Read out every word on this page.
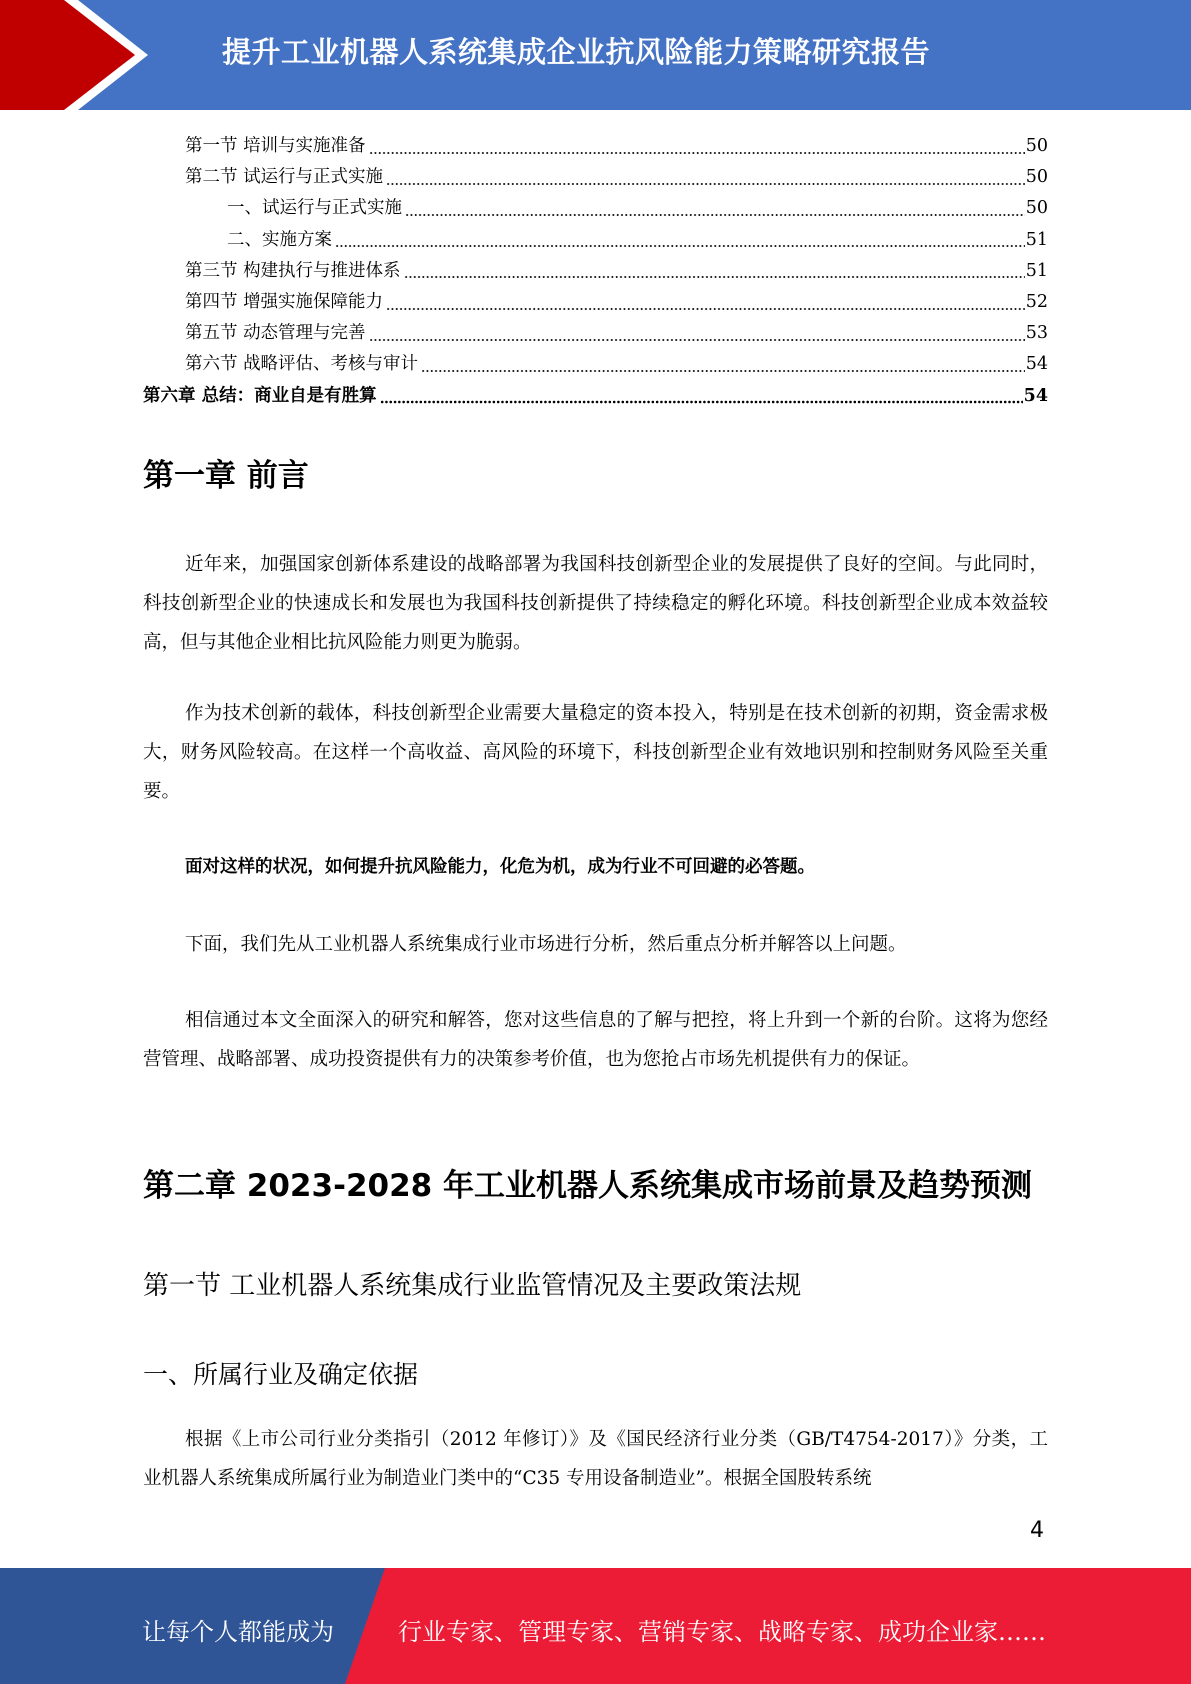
提升工业机器人系统集成企业抗风险能力策略研究报告
第一节 培训与实施准备	50
第二节 试运行与正式实施	50
一、试运行与正式实施	50
二、实施方案	51
第三节 构建执行与推进体系	51
第四节 增强实施保障能力	52
第五节 动态管理与完善	53
第六节 战略评估、考核与审计	54
第六章 总结：商业自是有胜算	54
第一章 前言

近年来，加强国家创新体系建设的战略部署为我国科技创新型企业的发展提供了良好的空间。与此同时，科技创新型企业的快速成长和发展也为我国科技创新提供了持续稳定的孵化环境。科技创新型企业成本效益较高，但与其他企业相比抗风险能力则更为脆弱。

作为技术创新的载体，科技创新型企业需要大量稳定的资本投入，特别是在技术创新的初期，资金需求极大，财务风险较高。在这样一个高收益、高风险的环境下，科技创新型企业有效地识别和控制财务风险至关重要。

面对这样的状况，如何提升抗风险能力，化危为机，成为行业不可回避的必答题。

下面，我们先从工业机器人系统集成行业市场进行分析，然后重点分析并解答以上问题。

相信通过本文全面深入的研究和解答，您对这些信息的了解与把控，将上升到一个新的台阶。这将为您经营管理、战略部署、成功投资提供有力的决策参考价值，也为您抢占市场先机提供有力的保证。

第二章 2023-2028 年工业机器人系统集成市场前景及趋势预测
第一节 工业机器人系统集成行业监管情况及主要政策法规
一、所属行业及确定依据

根据《上市公司行业分类指引（2012 年修订）》及《国民经济行业分类（GB/T4754-2017）》分类，工业机器人系统集成所属行业为制造业门类中的“C35 专用设备制造业”。根据全国股转系统

4
让每个人都能成为	行业专家、管理专家、营销专家、战略专家、成功企业家……
